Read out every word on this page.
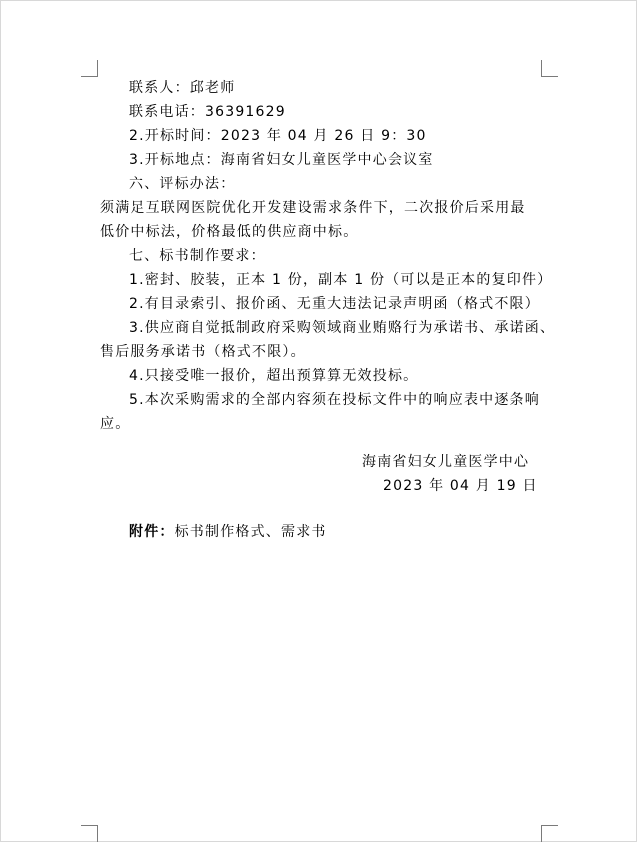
联系人：邱老师
联系电话：36391629
2.开标时间：2023 年 04 月 26 日 9：30
3.开标地点：海南省妇女儿童医学中心会议室
六、评标办法：
须满足互联网医院优化开发建设需求条件下，二次报价后采用最
低价中标法，价格最低的供应商中标。
七、标书制作要求：
1.密封、胶装，正本 1 份，副本 1 份（可以是正本的复印件）
2.有目录索引、报价函、无重大违法记录声明函（格式不限）
3.供应商自觉抵制政府采购领域商业贿赂行为承诺书、承诺函、
售后服务承诺书（格式不限）。
4.只接受唯一报价，超出预算算无效投标。
5.本次采购需求的全部内容须在投标文件中的响应表中逐条响
应。
海南省妇女儿童医学中心
2023 年 04 月 19 日
附件：标书制作格式、需求书
